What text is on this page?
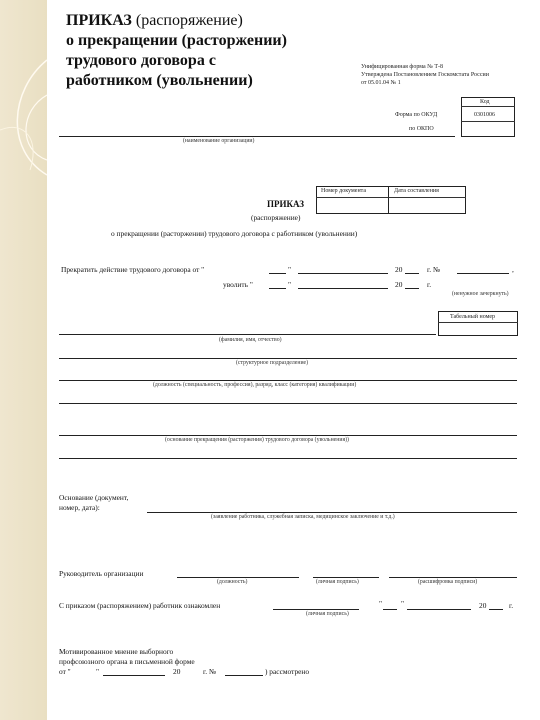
ПРИКАЗ (распоряжение)
о прекращении (расторжении)
трудового договора с
работником (увольнении)
Унифицированная форма № Т-8
Утверждена Постановлением Госкомстата России
от 05.01.04 № 1
Код
Форма по ОКУД	0301006
по ОКПО
(наименование организации)
Номер документа	Дата составления
ПРИКАЗ
(распоряжение)
о прекращении (расторжении) трудового договора с работником (увольнении)
Прекратить действие трудового договора от "	"	20	г. №	,
уволить "	"	20	г.
(ненужное зачеркнуть)
Табельный номер
(фамилия, имя, отчество)
(структурное подразделение)
(должность (специальность, профессия), разряд, класс (категория) квалификации)
(основание прекращения (расторжения) трудового договора (увольнения))
Основание (документ,
номер, дата):
(заявление работника, служебная записка, медицинское заключение и т.д.)
Руководитель организации
(должность)	(личная подпись)	(расшифровка подписи)
С приказом (распоряжением) работник ознакомлен
(личная подпись)
"	"	20	г.
Мотивированное мнение выборного
профсоюзного органа в письменной форме
от "	"	20	г. №	) рассмотрено
